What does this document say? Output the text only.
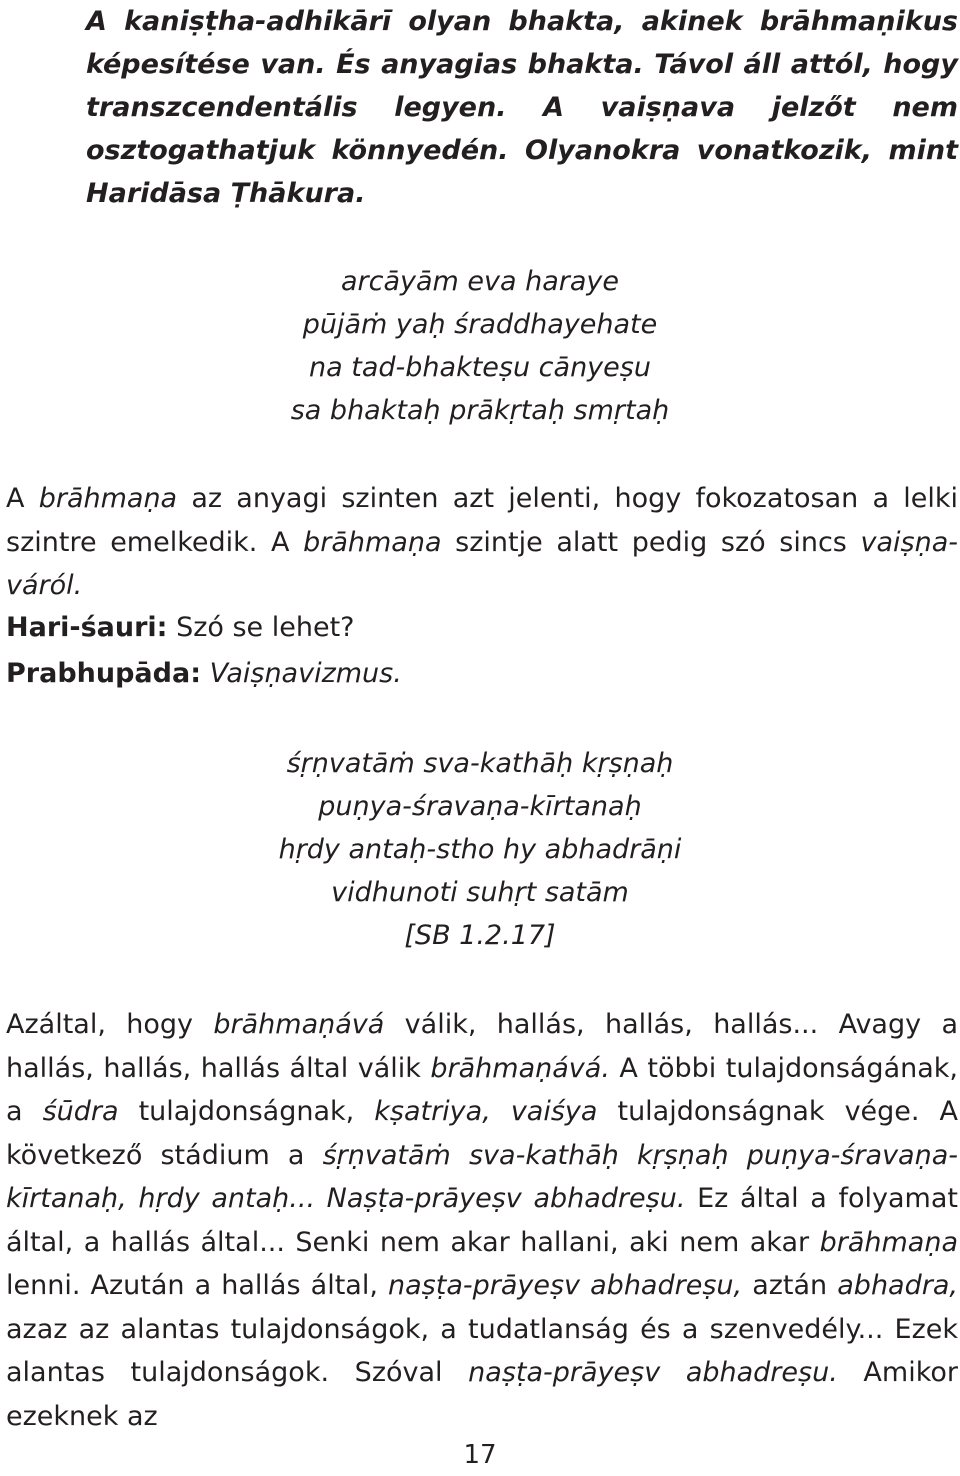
A kaniṣṭha-adhikārī olyan bhakta, akinek brāhmaṇikus képesítése van. És anyagias bhakta. Távol áll attól, hogy transzcendentális legyen. A vaiṣṇava jelzőt nem osztogathatjuk könnyedén. Olyanokra vonatkozik, mint Haridāsa Ṭhākura.

arcāyām eva haraye
pūjāṁ yaḥ śraddhayehate
na tad-bhakteṣu cānyeṣu
sa bhaktaḥ prākṛtaḥ smṛtaḥ

A brāhmaṇa az anyagi szinten azt jelenti, hogy fokozatosan a lelki szintre emelkedik. A brāhmaṇa szintje alatt pedig szó sincs vaiṣṇaváról.

Hari-śauri: Szó se lehet?

Prabhupāda: Vaiṣṇavizmus.

śṛṇvatāṁ sva-kathāḥ kṛṣṇaḥ
puṇya-śravaṇa-kīrtanaḥ
hṛdy antaḥ-stho hy abhadrāṇi
vidhunoti suhṛt satām
[SB 1.2.17]

Azáltal, hogy brāhmaṇává válik, hallás, hallás, hallás... Avagy a hallás, hallás, hallás által válik brāhmaṇává. A többi tulajdonságának, a śūdra tulajdonságnak, kṣatriya, vaiśya tulajdonságnak vége. A következő stádium a śṛṇvatāṁ sva-kathāḥ kṛṣṇaḥ puṇya-śravaṇa-kīrtanaḥ, hṛdy antaḥ... Naṣṭa-prāyeṣv abhadreṣu. Ez által a folyamat által, a hallás által... Senki nem akar hallani, aki nem akar brāhmaṇa lenni. Azután a hallás által, naṣṭa-prāyeṣv abhadreṣu, aztán abhadra, azaz az alantas tulajdonságok, a tudatlanság és a szenvedély... Ezek alantas tulajdonságok. Szóval naṣṭa-prāyeṣv abhadreṣu. Amikor ezeknek az

17
